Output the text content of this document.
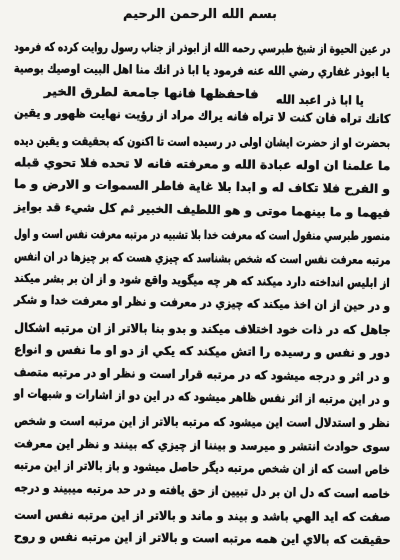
بسم الله الرحمن الرحيم
در عين الحيوة از شيخ طبرسي رحمه الله از ابوذر از جناب رسول روايت كرده كه فرمود
يا ابوذر غفاري رضي الله عنه فرمود يا ابا ذر انك منا اهل البيت اوصيك بوصية
يا ابا ذر اعبد الله
فاحفظها فانها جامعة لطرق الخير
كانك تراه فان كنت لا تراه فانه يراك مراد از رؤيت نهايت ظهور و يقين
بحضرت او از حضرت ايشان اولى در رسيده است تا اكنون كه بحقيقت و يقين ديده
ما علمنا ان اوله عبادة الله و معرفته فانه لا تحده فلا تحوي قبله
و الفرح فلا تكاف له و ابدا بلا غاية فاطر السموات و الارض و ما
فيهما و ما بينهما موتى و هو اللطيف الخبير ثم كل شيء قد بوايز
منصور طبرسي منقول است كه معرفت خدا بلا تشبيه در مرتبه معرفت نفس است و اول
مرتبه معرفت نفس است كه شخص بشناسد كه چيزي هست كه بر چيزها در ان انفس
از ابليس انداخته دارد ميكند كه هر چه ميگويد واقع شود و از ان بر بشر ميكند
و در حين از ان اخذ ميكند كه چيزي در معرفت و نظر او معرفت خدا و شكر
جاهل كه در ذات خود اختلاف ميكند و بدو بنا بالاتر از ان مرتبه اشكال
دور و نفس و رسيده را اتش ميكند كه يكي از دو او ما نفس و انواع
و در اثر و درجه ميشود كه در مرتبه قرار است و نظر او در مرتبه متصف
و در اين مرتبه از اثر نفس ظاهر ميشود كه در اين دو از اشارات و شبهات او
نظر و استدلال است اين ميشود كه مرتبه بالاتر از اين مرتبه است و شخص
سوى حوادث انتشر و ميرسد و بيننا از چيزي كه بينند و نظر اين معرفت
خاص است كه از ان شخص مرتبه ديگر حاصل ميشود و باز بالاتر از اين مرتبه
خاصه است كه دل ان بر دل تبيين از حق يافته و در حد مرتبه ميبيند و درجه
صفت كه ايد الهي باشد و بيند و ماند و بالاتر از اين مرتبه نفس است
حقيقت كه بالاي اين همه مرتبه است و بالاتر از اين مرتبه نفس و روح
